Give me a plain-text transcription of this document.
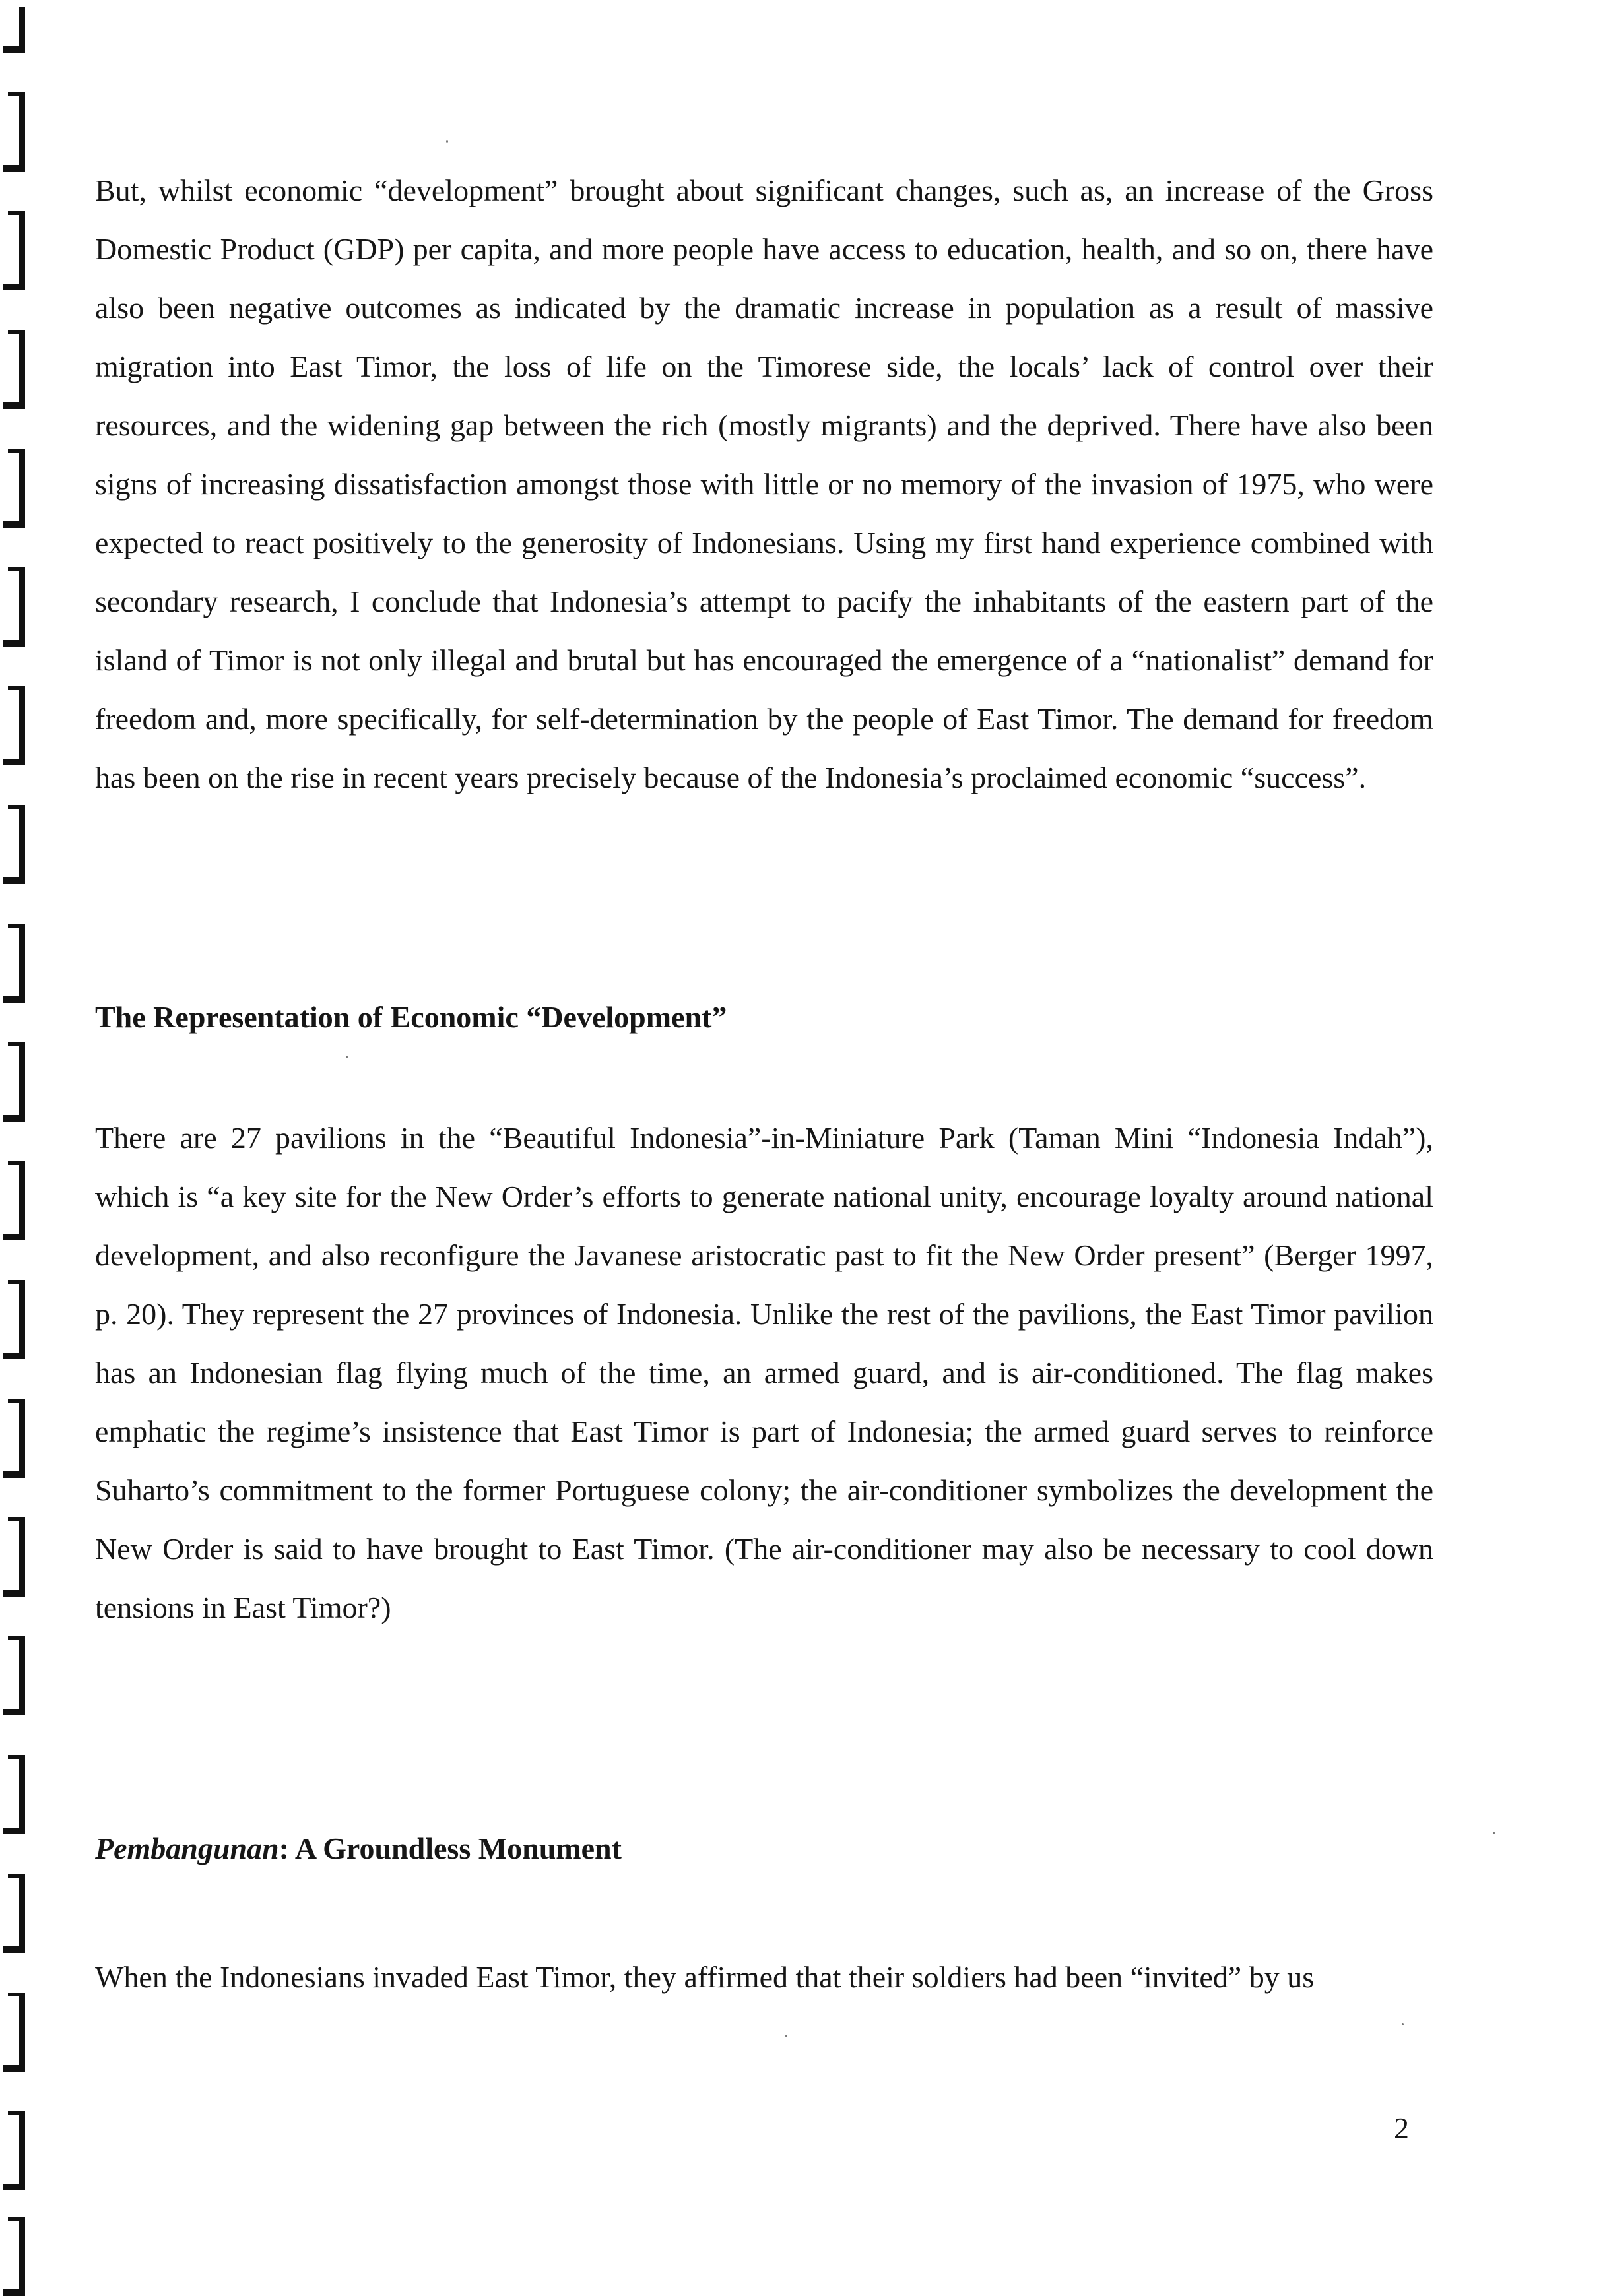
But, whilst economic “development” brought about significant changes, such as, an increase of the Gross Domestic Product (GDP) per capita, and more people have access to education, health, and so on, there have also been negative outcomes as indicated by the dramatic increase in population as a result of massive migration into East Timor, the loss of life on the Timorese side, the locals’ lack of control over their resources, and the widening gap between the rich (mostly migrants) and the deprived. There have also been signs of increasing dissatisfaction amongst those with little or no memory of the invasion of 1975, who were expected to react positively to the generosity of Indonesians. Using my first hand experience combined with secondary research, I conclude that Indonesia’s attempt to pacify the inhabitants of the eastern part of the island of Timor is not only illegal and brutal but has encouraged the emergence of a “nationalist” demand for freedom and, more specifically, for self-determination by the people of East Timor. The demand for freedom has been on the rise in recent years precisely because of the Indonesia’s proclaimed economic “success”.

The Representation of Economic “Development”

There are 27 pavilions in the “Beautiful Indonesia”-in-Miniature Park (Taman Mini “Indonesia Indah”), which is “a key site for the New Order’s efforts to generate national unity, encourage loyalty around national development, and also reconfigure the Javanese aristocratic past to fit the New Order present” (Berger 1997, p. 20). They represent the 27 provinces of Indonesia. Unlike the rest of the pavilions, the East Timor pavilion has an Indonesian flag flying much of the time, an armed guard, and is air-conditioned. The flag makes emphatic the regime’s insistence that East Timor is part of Indonesia; the armed guard serves to reinforce Suharto’s commitment to the former Portuguese colony; the air-conditioner symbolizes the development the New Order is said to have brought to East Timor. (The air-conditioner may also be necessary to cool down tensions in East Timor?)

Pembangunan: A Groundless Monument

When the Indonesians invaded East Timor, they affirmed that their soldiers had been “invited” by us

2
